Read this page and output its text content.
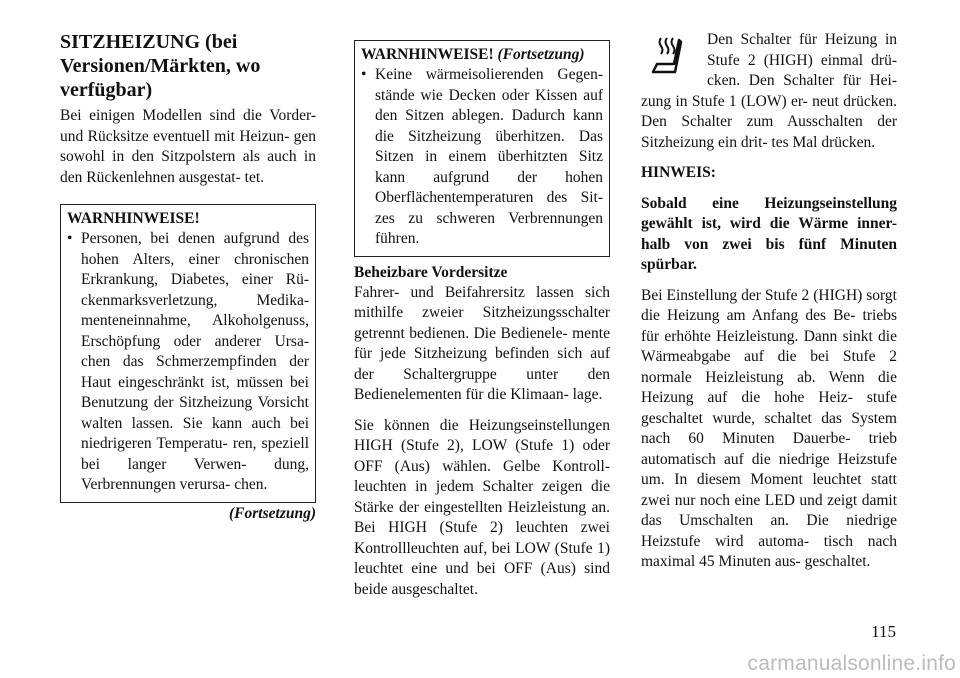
SITZHEIZUNG (bei Versionen/Märkten, wo verfügbar)

Bei einigen Modellen sind die Vorder- und Rücksitze eventuell mit Heizun- gen sowohl in den Sitzpolstern als auch in den Rückenlehnen ausgestat- tet.

WARNHINWEISE!
• Personen, bei denen aufgrund des hohen Alters, einer chronischen Erkrankung, Diabetes, einer Rü- ckenmarksverletzung, Medika- menteneinnahme, Alkoholgenuss, Erschöpfung oder anderer Ursa- chen das Schmerzempfinden der Haut eingeschränkt ist, müssen bei Benutzung der Sitzheizung Vorsicht walten lassen. Sie kann auch bei niedrigeren Temperatu- ren, speziell bei langer Verwen- dung, Verbrennungen verursa- chen.
(Fortsetzung)
WARNHINWEISE! (Fortsetzung)
• Keine wärmeisolierenden Gegen- stände wie Decken oder Kissen auf den Sitzen ablegen. Dadurch kann die Sitzheizung überhitzen. Das Sitzen in einem überhitzten Sitz kann aufgrund der hohen Oberflächentemperaturen des Sit- zes zu schweren Verbrennungen führen.
Beheizbare Vordersitze

Fahrer- und Beifahrersitz lassen sich mithilfe zweier Sitzheizungsschalter getrennt bedienen. Die Bedienele- mente für jede Sitzheizung befinden sich auf der Schaltergruppe unter den Bedienelementen für die Klimaan- lage.

Sie können die Heizungseinstellungen HIGH (Stufe 2), LOW (Stufe 1) oder OFF (Aus) wählen. Gelbe Kontroll- leuchten in jedem Schalter zeigen die Stärke der eingestellten Heizleistung an. Bei HIGH (Stufe 2) leuchten zwei Kontrollleuchten auf, bei LOW (Stufe 1) leuchtet eine und bei OFF (Aus) sind beide ausgeschaltet.

Den Schalter für Heizung in Stufe 2 (HIGH) einmal drü- cken. Den Schalter für Hei- zung in Stufe 1 (LOW) er- neut drücken. Den Schalter zum Ausschalten der Sitzheizung ein drit- tes Mal drücken.

HINWEIS:

Sobald eine Heizungseinstellung gewählt ist, wird die Wärme inner- halb von zwei bis fünf Minuten spürbar.

Bei Einstellung der Stufe 2 (HIGH) sorgt die Heizung am Anfang des Be- triebs für erhöhte Heizleistung. Dann sinkt die Wärmeabgabe auf die bei Stufe 2 normale Heizleistung ab. Wenn die Heizung auf die hohe Heiz- stufe geschaltet wurde, schaltet das System nach 60 Minuten Dauerbe- trieb automatisch auf die niedrige Heizstufe um. In diesem Moment leuchtet statt zwei nur noch eine LED und zeigt damit das Umschalten an. Die niedrige Heizstufe wird automa- tisch nach maximal 45 Minuten aus- geschaltet.

115
carmanualsonline.info
